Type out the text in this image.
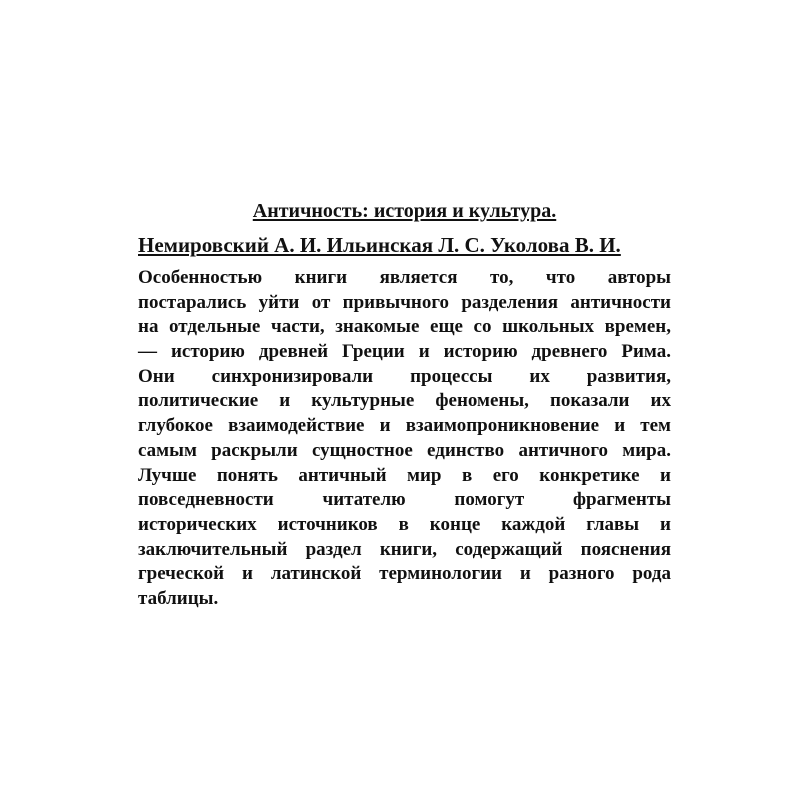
Античность: история и культура.
Немировский А. И. Ильинская Л. С. Уколова В. И.
Особенностью книги является то, что авторы
постарались уйти от привычного разделения античности
на отдельные части, знакомые еще со школьных времен,
— историю древней Греции и историю древнего Рима.
Они синхронизировали процессы их развития,
политические и культурные феномены, показали их
глубокое взаимодействие и взаимопроникновение и тем
самым раскрыли сущностное единство античного мира.
Лучше понять античный мир в его конкретике и
повседневности читателю помогут фрагменты
исторических источников в конце каждой главы и
заключительный раздел книги, содержащий пояснения
греческой и латинской терминологии и разного рода
таблицы.
